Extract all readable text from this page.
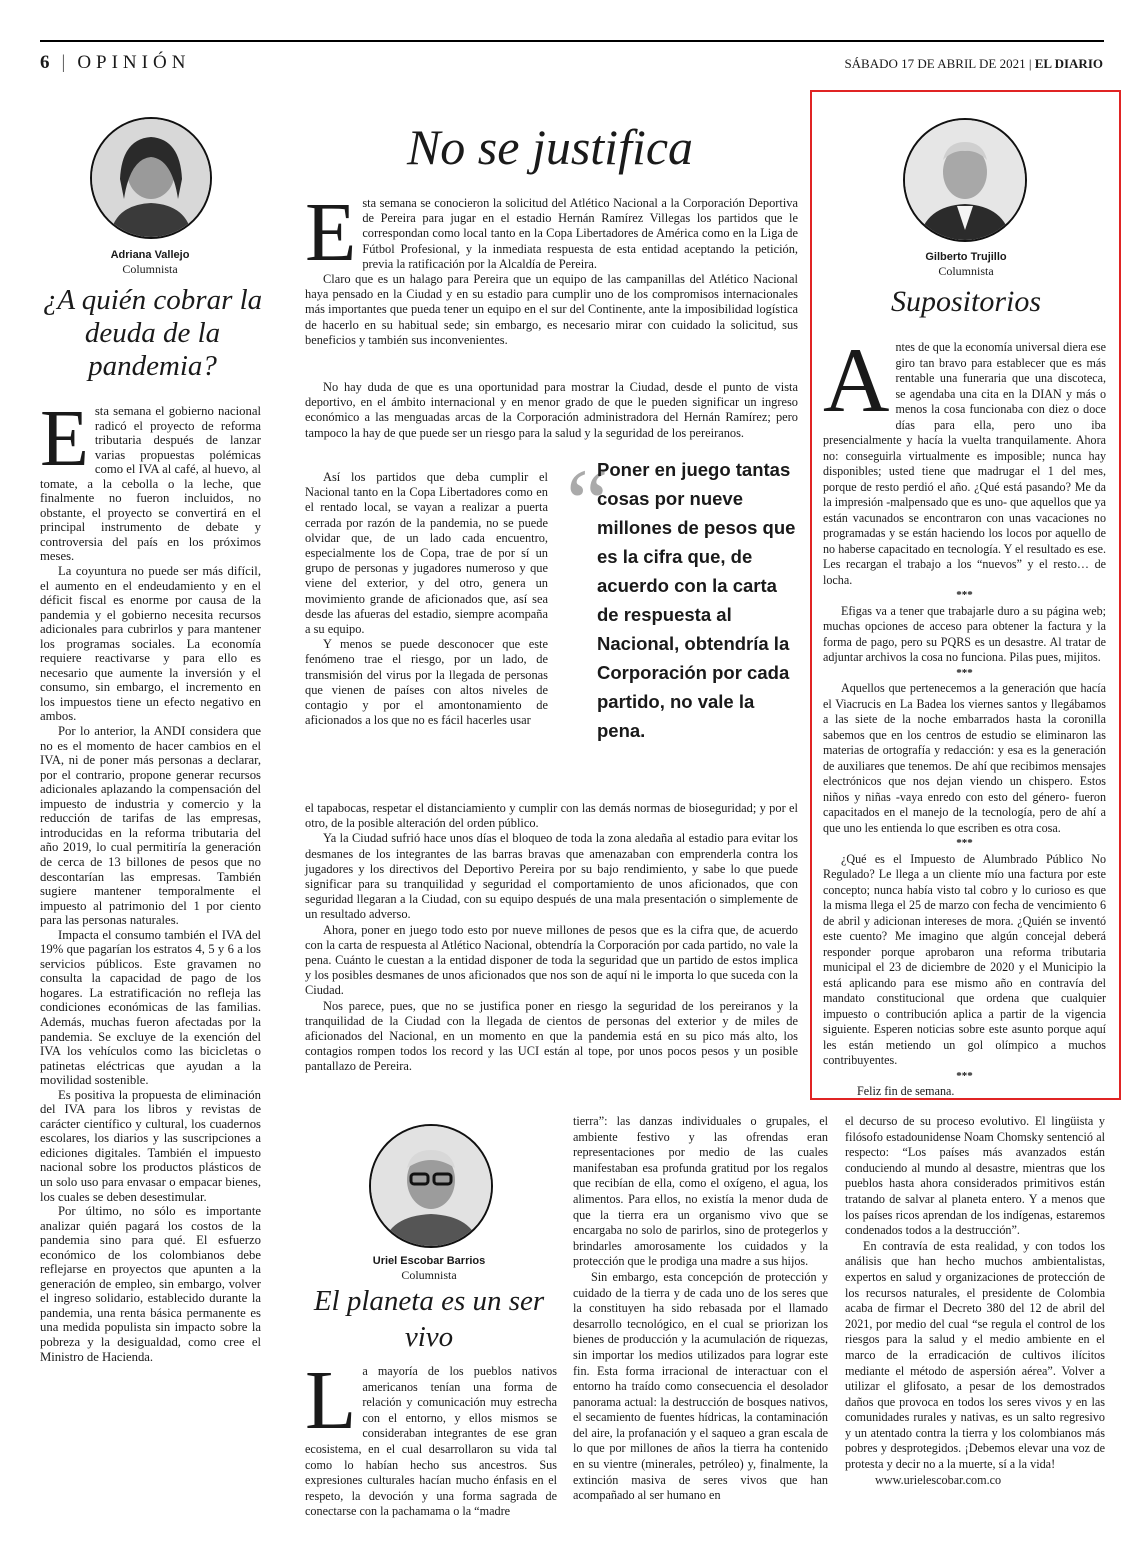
6 | OPINIÓN	SÁBADO 17 DE ABRIL DE 2021 | EL DIARIO
Adriana Vallejo
Columnista
¿A quién cobrar la deuda de la pandemia?

Esta semana el gobierno nacional radicó el proyecto de reforma tributaria después de lanzar varias propuestas polémicas como el IVA al café, al huevo, al tomate, a la cebolla o la leche, que finalmente no fueron incluidos, no obstante, el proyecto se convertirá en el principal instrumento de debate y controversia del país en los próximos meses.

La coyuntura no puede ser más difícil, el aumento en el endeudamiento y en el déficit fiscal es enorme por causa de la pandemia y el gobierno necesita recursos adicionales para cubrirlos y para mantener los programas sociales. La economía requiere reactivarse y para ello es necesario que aumente la inversión y el consumo, sin embargo, el incremento en los impuestos tiene un efecto negativo en ambos.

Por lo anterior, la ANDI considera que no es el momento de hacer cambios en el IVA, ni de poner más personas a declarar, por el contrario, propone generar recursos adicionales aplazando la compensación del impuesto de industria y comercio y la reducción de tarifas de las empresas, introducidas en la reforma tributaria del año 2019, lo cual permitiría la generación de cerca de 13 billones de pesos que no descontarían las empresas. También sugiere mantener temporalmente el impuesto al patrimonio del 1 por ciento para las personas naturales.

Impacta el consumo también el IVA del 19% que pagarían los estratos 4, 5 y 6 a los servicios públicos. Este gravamen no consulta la capacidad de pago de los hogares. La estratificación no refleja las condiciones económicas de las familias. Además, muchas fueron afectadas por la pandemia. Se excluye de la exención del IVA los vehículos como las bicicletas o patinetas eléctricas que ayudan a la movilidad sostenible.

Es positiva la propuesta de eliminación del IVA para los libros y revistas de carácter científico y cultural, los cuadernos escolares, los diarios y las suscripciones a ediciones digitales. También el impuesto nacional sobre los productos plásticos de un solo uso para envasar o empacar bienes, los cuales se deben desestimular.

Por último, no sólo es importante analizar quién pagará los costos de la pandemia sino para qué. El esfuerzo económico de los colombianos debe reflejarse en proyectos que apunten a la generación de empleo, sin embargo, volver el ingreso solidario, establecido durante la pandemia, una renta básica permanente es una medida populista sin impacto sobre la pobreza y la desigualdad, como cree el Ministro de Hacienda.

No se justifica

Esta semana se conocieron la solicitud del Atlético Nacional a la Corporación Deportiva de Pereira para jugar en el estadio Hernán Ramírez Villegas los partidos que le correspondan como local tanto en la Copa Libertadores de América como en la Liga de Fútbol Profesional, y la inmediata respuesta de esta entidad aceptando la petición, previa la ratificación por la Alcaldía de Pereira.

Claro que es un halago para Pereira que un equipo de las campanillas del Atlético Nacional haya pensado en la Ciudad y en su estadio para cumplir uno de los compromisos internacionales más importantes que pueda tener un equipo en el sur del Continente, ante la imposibilidad logística de hacerlo en su habitual sede; sin embargo, es necesario mirar con cuidado la solicitud, sus beneficios y también sus inconvenientes.

No hay duda de que es una oportunidad para mostrar la Ciudad, desde el punto de vista deportivo, en el ámbito internacional y en menor grado de que le pueden significar un ingreso económico a las menguadas arcas de la Corporación administradora del Hernán Ramírez; pero tampoco la hay de que puede ser un riesgo para la salud y la seguridad de los pereiranos.

Así los partidos que deba cumplir el Nacional tanto en la Copa Libertadores como en el rentado local, se vayan a realizar a puerta cerrada por razón de la pandemia, no se puede olvidar que, de un lado cada encuentro, especialmente los de Copa, trae de por sí un grupo de personas y jugadores numeroso y que viene del exterior, y del otro, genera un movimiento grande de aficionados que, así sea desde las afueras del estadio, siempre acompaña a su equipo.

Y menos se puede desconocer que este fenómeno trae el riesgo, por un lado, de transmisión del virus por la llegada de personas que vienen de países con altos niveles de contagio y por el amontonamiento de aficionados a los que no es fácil hacerles usar

el tapabocas, respetar el distanciamiento y cumplir con las demás normas de bioseguridad; y por el otro, de la posible alteración del orden público.

Ya la Ciudad sufrió hace unos días el bloqueo de toda la zona aledaña al estadio para evitar los desmanes de los integrantes de las barras bravas que amenazaban con emprenderla contra los jugadores y los directivos del Deportivo Pereira por su bajo rendimiento, y sabe lo que puede significar para su tranquilidad y seguridad el comportamiento de unos aficionados, que con seguridad llegaran a la Ciudad, con su equipo después de una mala presentación o simplemente de un resultado adverso.

Ahora, poner en juego todo esto por nueve millones de pesos que es la cifra que, de acuerdo con la carta de respuesta al Atlético Nacional, obtendría la Corporación por cada partido, no vale la pena. Cuánto le cuestan a la entidad disponer de toda la seguridad que un partido de estos implica y los posibles desmanes de unos aficionados que nos son de aquí ni le importa lo que suceda con la Ciudad.

Nos parece, pues, que no se justifica poner en riesgo la seguridad de los pereiranos y la tranquilidad de la Ciudad con la llegada de cientos de personas del exterior y de miles de aficionados del Nacional, en un momento en que la pandemia está en su pico más alto, los contagios rompen todos los record y las UCI están al tope, por unos pocos pesos y un posible pantallazo de Pereira.

“
Poner en juego tantas cosas por nueve millones de pesos que es la cifra que, de acuerdo con la carta de respuesta al Nacional, obtendría la Corporación por cada partido, no vale la pena.
Gilberto Trujillo
Columnista
Supositorios

Antes de que la economía universal diera ese giro tan bravo para establecer que es más rentable una funeraria que una discoteca, se agendaba una cita en la DIAN y más o menos la cosa funcionaba con diez o doce días para ella, pero uno iba presencialmente y hacía la vuelta tranquilamente. Ahora no: conseguirla virtualmente es imposible; nunca hay disponibles; usted tiene que madrugar el 1 del mes, porque de resto perdió el año. ¿Qué está pasando? Me da la impresión -malpensado que es uno- que aquellos que ya están vacunados se encontraron con unas vacaciones no programadas y se están haciendo los locos por aquello de no haberse capacitado en tecnología. Y el resultado es ese. Les recargan el trabajo a los “nuevos” y el resto… de locha.

***

Efigas va a tener que trabajarle duro a su página web; muchas opciones de acceso para obtener la factura y la forma de pago, pero su PQRS es un desastre. Al tratar de adjuntar archivos la cosa no funciona. Pilas pues, mijitos.

***

Aquellos que pertenecemos a la generación que hacía el Viacrucis en La Badea los viernes santos y llegábamos a las siete de la noche embarrados hasta la coronilla sabemos que en los centros de estudio se eliminaron las materias de ortografía y redacción: y esa es la generación de auxiliares que tenemos. De ahí que recibimos mensajes electrónicos que nos dejan viendo un chispero. Estos niños y niñas -vaya enredo con esto del género- fueron capacitados en el manejo de la tecnología, pero de ahí a que uno les entienda lo que escriben es otra cosa.

***

¿Qué es el Impuesto de Alumbrado Público No Regulado? Le llega a un cliente mío una factura por este concepto; nunca había visto tal cobro y lo curioso es que la misma llega el 25 de marzo con fecha de vencimiento 6 de abril y adicionan intereses de mora. ¿Quién se inventó este cuento? Me imagino que algún concejal deberá responder porque aprobaron una reforma tributaria municipal el 23 de diciembre de 2020 y el Municipio la está aplicando para ese mismo año en contravía del mandato constitucional que ordena que cualquier impuesto o contribución aplica a partir de la vigencia siguiente. Esperen noticias sobre este asunto porque aquí les están metiendo un gol olímpico a muchos contribuyentes.

***

Feliz fin de semana.

Uriel Escobar Barrios
Columnista
El planeta es un ser vivo

La mayoría de los pueblos nativos americanos tenían una forma de relación y comunicación muy estrecha con el entorno, y ellos mismos se consideraban integrantes de ese gran ecosistema, en el cual desarrollaron su vida tal como lo habían hecho sus ancestros. Sus expresiones culturales hacían mucho énfasis en el respeto, la devoción y una forma sagrada de conectarse con la pachamama o la “madre

tierra”: las danzas individuales o grupales, el ambiente festivo y las ofrendas eran representaciones por medio de las cuales manifestaban esa profunda gratitud por los regalos que recibían de ella, como el oxígeno, el agua, los alimentos. Para ellos, no existía la menor duda de que la tierra era un organismo vivo que se encargaba no solo de parirlos, sino de protegerlos y brindarles amorosamente los cuidados y la protección que le prodiga una madre a sus hijos.

Sin embargo, esta concepción de protección y cuidado de la tierra y de cada uno de los seres que la constituyen ha sido rebasada por el llamado desarrollo tecnológico, en el cual se priorizan los bienes de producción y la acumulación de riquezas, sin importar los medios utilizados para lograr este fin. Esta forma irracional de interactuar con el entorno ha traído como consecuencia el desolador panorama actual: la destrucción de bosques nativos, el secamiento de fuentes hídricas, la contaminación del aire, la profanación y el saqueo a gran escala de lo que por millones de años la tierra ha contenido en su vientre (minerales, petróleo) y, finalmente, la extinción masiva de seres vivos que han acompañado al ser humano en

el decurso de su proceso evolutivo. El lingüista y filósofo estadounidense Noam Chomsky sentenció al respecto: “Los países más avanzados están conduciendo al mundo al desastre, mientras que los pueblos hasta ahora considerados primitivos están tratando de salvar al planeta entero. Y a menos que los países ricos aprendan de los indígenas, estaremos condenados todos a la destrucción”.

En contravía de esta realidad, y con todos los análisis que han hecho muchos ambientalistas, expertos en salud y organizaciones de protección de los recursos naturales, el presidente de Colombia acaba de firmar el Decreto 380 del 12 de abril del 2021, por medio del cual “se regula el control de los riesgos para la salud y el medio ambiente en el marco de la erradicación de cultivos ilícitos mediante el método de aspersión aérea”. Volver a utilizar el glifosato, a pesar de los demostrados daños que provoca en todos los seres vivos y en las comunidades rurales y nativas, es un salto regresivo y un atentado contra la tierra y los colombianos más pobres y desprotegidos. ¡Debemos elevar una voz de protesta y decir no a la muerte, sí a la vida!

www.urielescobar.com.co
